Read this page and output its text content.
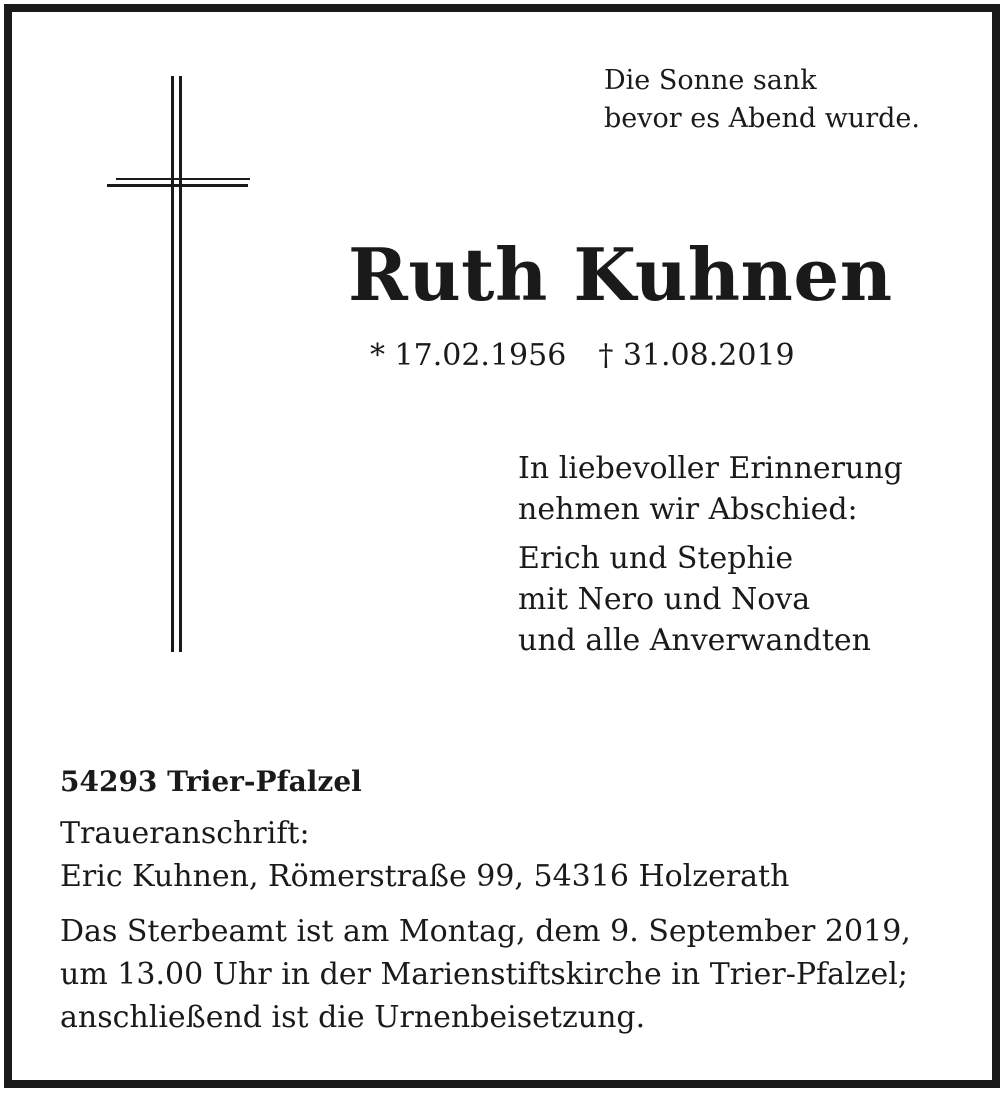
Die Sonne sank
bevor es Abend wurde.
Ruth Kuhnen
* 17.02.1956 † 31.08.2019
In liebevoller Erinnerung
nehmen wir Abschied:
Erich und Stephie
mit Nero und Nova
und alle Anverwandten
54293 Trier-Pfalzel
Traueranschrift:
Eric Kuhnen, Römerstraße 99, 54316 Holzerath
Das Sterbeamt ist am Montag, dem 9. September 2019,
um 13.00 Uhr in der Marienstiftskirche in Trier-Pfalzel;
anschließend ist die Urnenbeisetzung.
